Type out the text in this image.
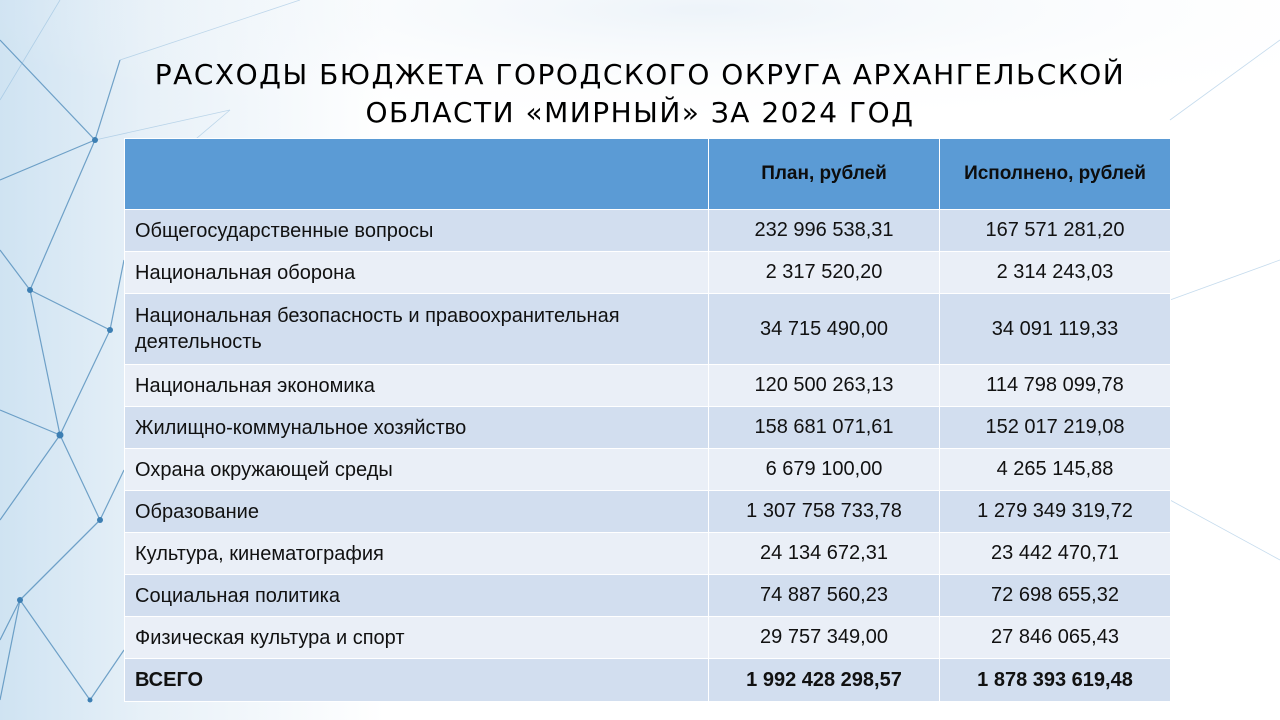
РАСХОДЫ БЮДЖЕТА ГОРОДСКОГО ОКРУГА АРХАНГЕЛЬСКОЙ
ОБЛАСТИ «МИРНЫЙ» ЗА 2024 ГОД
	План, рублей	Исполнено, рублей
Общегосударственные вопросы	232 996 538,31	167 571 281,20
Национальная оборона	2 317 520,20	2 314 243,03
Национальная безопасность и правоохранительная деятельность	34 715 490,00	34 091 119,33
Национальная экономика	120 500 263,13	114 798 099,78
Жилищно-коммунальное хозяйство	158 681 071,61	152 017 219,08
Охрана окружающей среды	6 679 100,00	4 265 145,88
Образование	1 307 758 733,78	1 279 349 319,72
Культура, кинематография	24 134 672,31	23 442 470,71
Социальная политика	74 887 560,23	72 698 655,32
Физическая культура и спорт	29 757 349,00	27 846 065,43
ВСЕГО	1 992 428 298,57	1 878 393 619,48
